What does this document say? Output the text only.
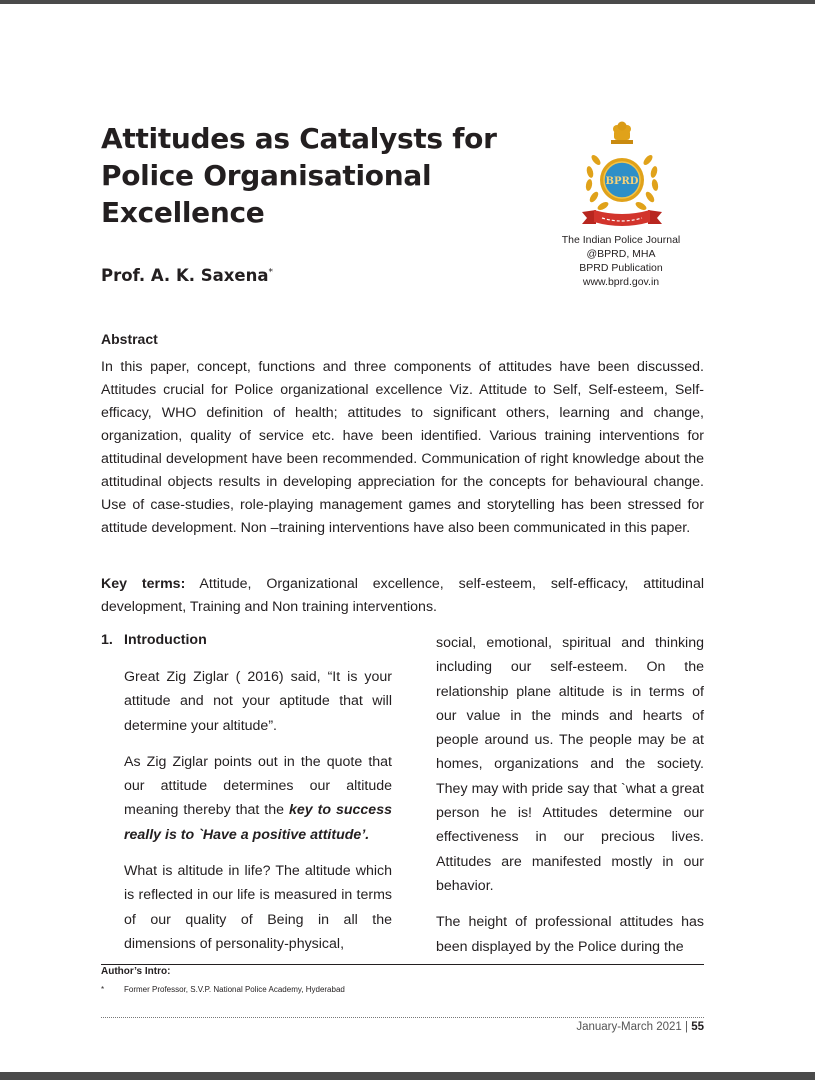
Attitudes as Catalysts for Police Organisational Excellence

Prof. A. K. Saxena*

BPRD
The Indian Police Journal
@BPRD, MHA
BPRD Publication
www.bprd.gov.in
Abstract

In this paper, concept, functions and three components of attitudes have been discussed. Attitudes crucial for Police organizational excellence Viz. Attitude to Self, Self-esteem, Self-efficacy, WHO definition of health; attitudes to significant others, learning and change, organization, quality of service etc. have been identified. Various training interventions for attitudinal development have been recommended. Communication of right knowledge about the attitudinal objects results in developing appreciation for the concepts for behavioural change. Use of case-studies, role-playing management games and storytelling has been stressed for attitude development. Non –training interventions have also been communicated in this paper.

Key terms: Attitude, Organizational excellence, self-esteem, self-efficacy, attitudinal development, Training and Non training interventions.

1. Introduction

Great Zig Ziglar ( 2016) said, “It is your attitude and not your aptitude that will determine your altitude”.

As Zig Ziglar points out in the quote that our attitude determines our altitude meaning thereby that the key to success really is to `Have a positive attitude’.

What is altitude in life? The altitude which is reflected in our life is measured in terms of our quality of Being in all the dimensions of personality-physical,

social, emotional, spiritual and thinking including our self-esteem. On the relationship plane altitude is in terms of our value in the minds and hearts of people around us. The people may be at homes, organizations and the society. They may with pride say that `what a great person he is! Attitudes determine our effectiveness in our precious lives. Attitudes are manifested mostly in our behavior.

The height of professional attitudes has been displayed by the Police during the

Author’s Intro:
* Former Professor, S.V.P. National Police Academy, Hyderabad
January-March 2021 | 55
